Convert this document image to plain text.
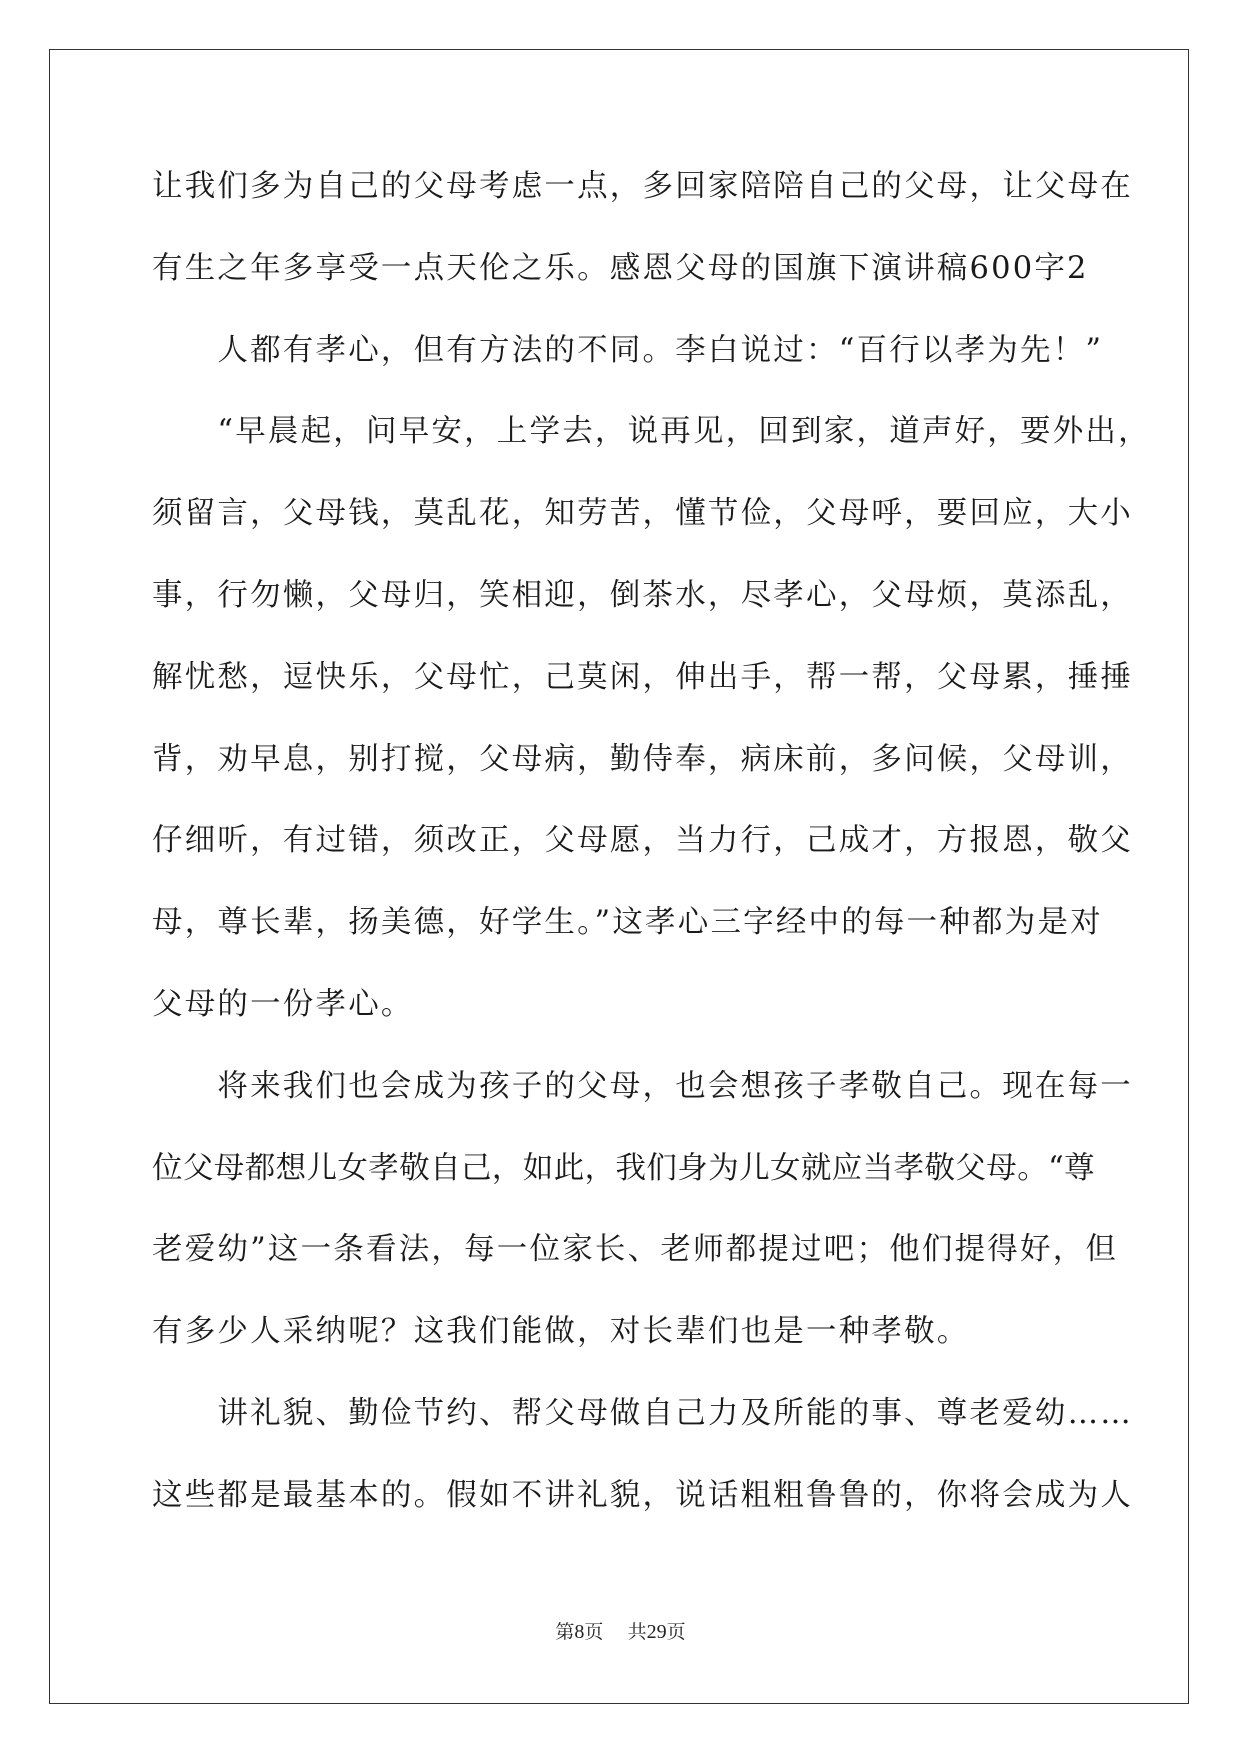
让我们多为自己的父母考虑一点，多回家陪陪自己的父母，让父母在
有生之年多享受一点天伦之乐。感恩父母的国旗下演讲稿600字2
　　人都有孝心，但有方法的不同。李白说过：“百行以孝为先！”
　　“早晨起，问早安，上学去，说再见，回到家，道声好，要外出，
须留言，父母钱，莫乱花，知劳苦，懂节俭，父母呼，要回应，大小
事，行勿懒，父母归，笑相迎，倒茶水，尽孝心，父母烦，莫添乱，
解忧愁，逗快乐，父母忙，己莫闲，伸出手，帮一帮，父母累，捶捶
背，劝早息，别打搅，父母病，勤侍奉，病床前，多问候，父母训，
仔细听，有过错，须改正，父母愿，当力行，己成才，方报恩，敬父
母，尊长辈，扬美德，好学生。”这孝心三字经中的每一种都为是对
父母的一份孝心。
　　将来我们也会成为孩子的父母，也会想孩子孝敬自己。现在每一
位父母都想儿女孝敬自己，如此，我们身为儿女就应当孝敬父母。“尊
老爱幼”这一条看法，每一位家长、老师都提过吧；他们提得好，但
有多少人采纳呢？这我们能做，对长辈们也是一种孝敬。
　　讲礼貌、勤俭节约、帮父母做自己力及所能的事、尊老爱幼……
这些都是最基本的。假如不讲礼貌，说话粗粗鲁鲁的，你将会成为人
第8页 共29页
